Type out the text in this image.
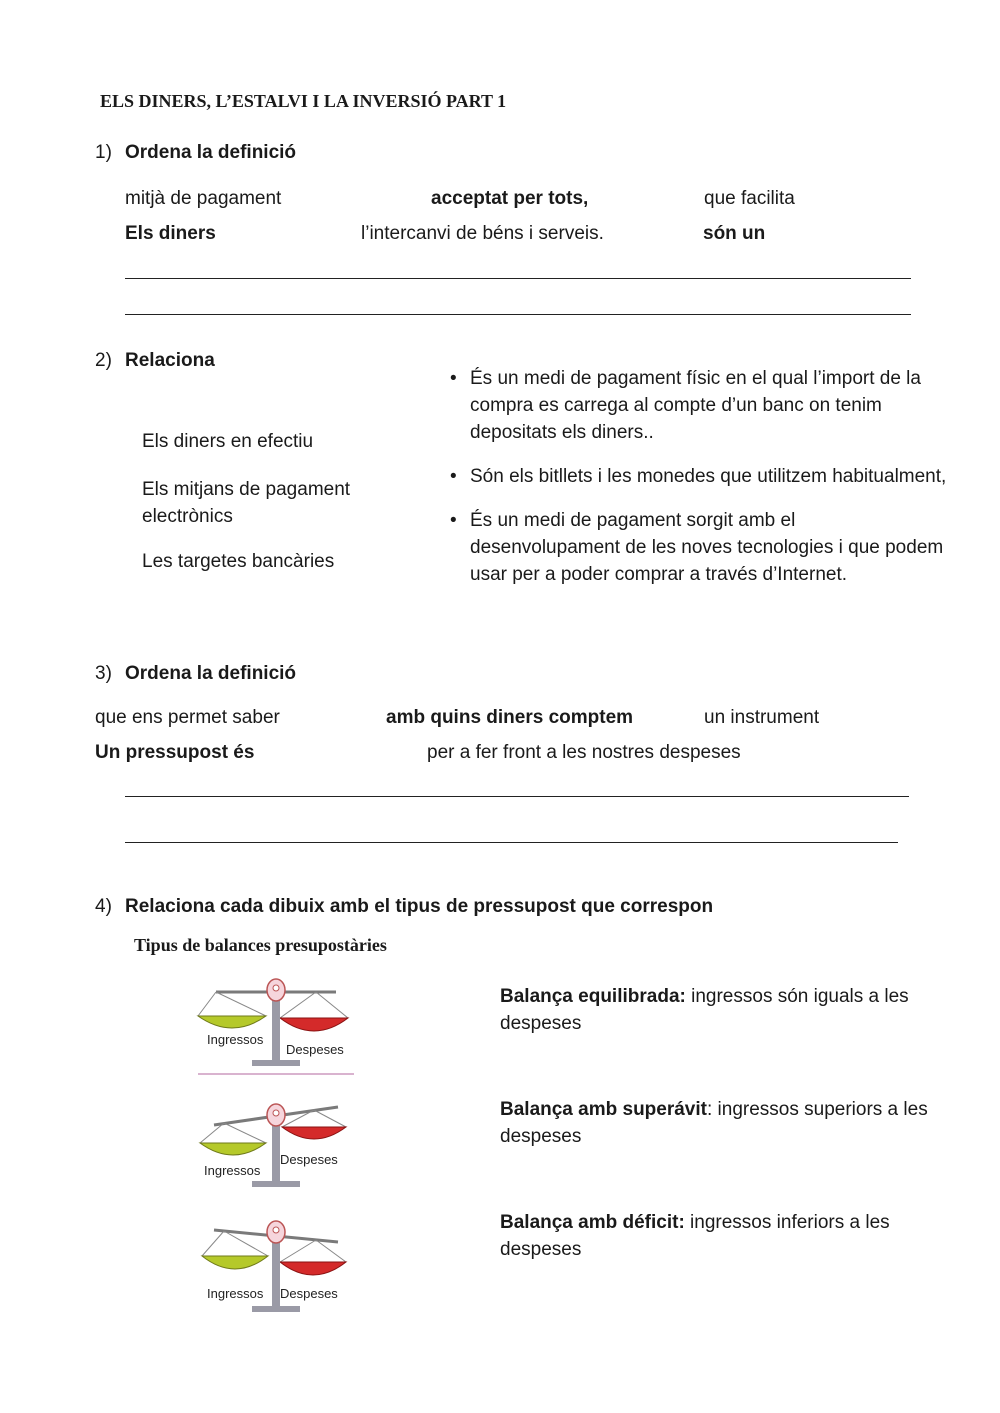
ELS DINERS, L’ESTALVI I LA INVERSIÓ PART 1
1) Ordena la definició
mitjà de pagament	acceptat per tots,	que facilita
Els diners	l’intercanvi de béns i serveis.	són un
2) Relaciona
Els diners en efectiu
Els mitjans de pagament electrònics
Les targetes bancàries
• És un medi de pagament físic en el qual l’import de la compra es carrega al compte d’un banc on tenim depositats els diners..
• Són els bitllets i les monedes que utilitzem habitualment,
• És un medi de pagament sorgit amb el desenvolupament de les noves tecnologies i que podem usar per a poder comprar a través d’Internet.
3) Ordena la definició
que ens permet saber	amb quins diners comptem	un instrument
Un pressupost és	per a fer front a les nostres despeses
4) Relaciona cada dibuix amb el tipus de pressupost que correspon
Tipus de balances presupostàries
Ingressos
Despeses
Ingressos
Despeses
Ingressos Despeses
Balança equilibrada: ingressos són iguals a les despeses
Balança amb superávit: ingressos superiors a les despeses
Balança amb déficit: ingressos inferiors a les despeses
